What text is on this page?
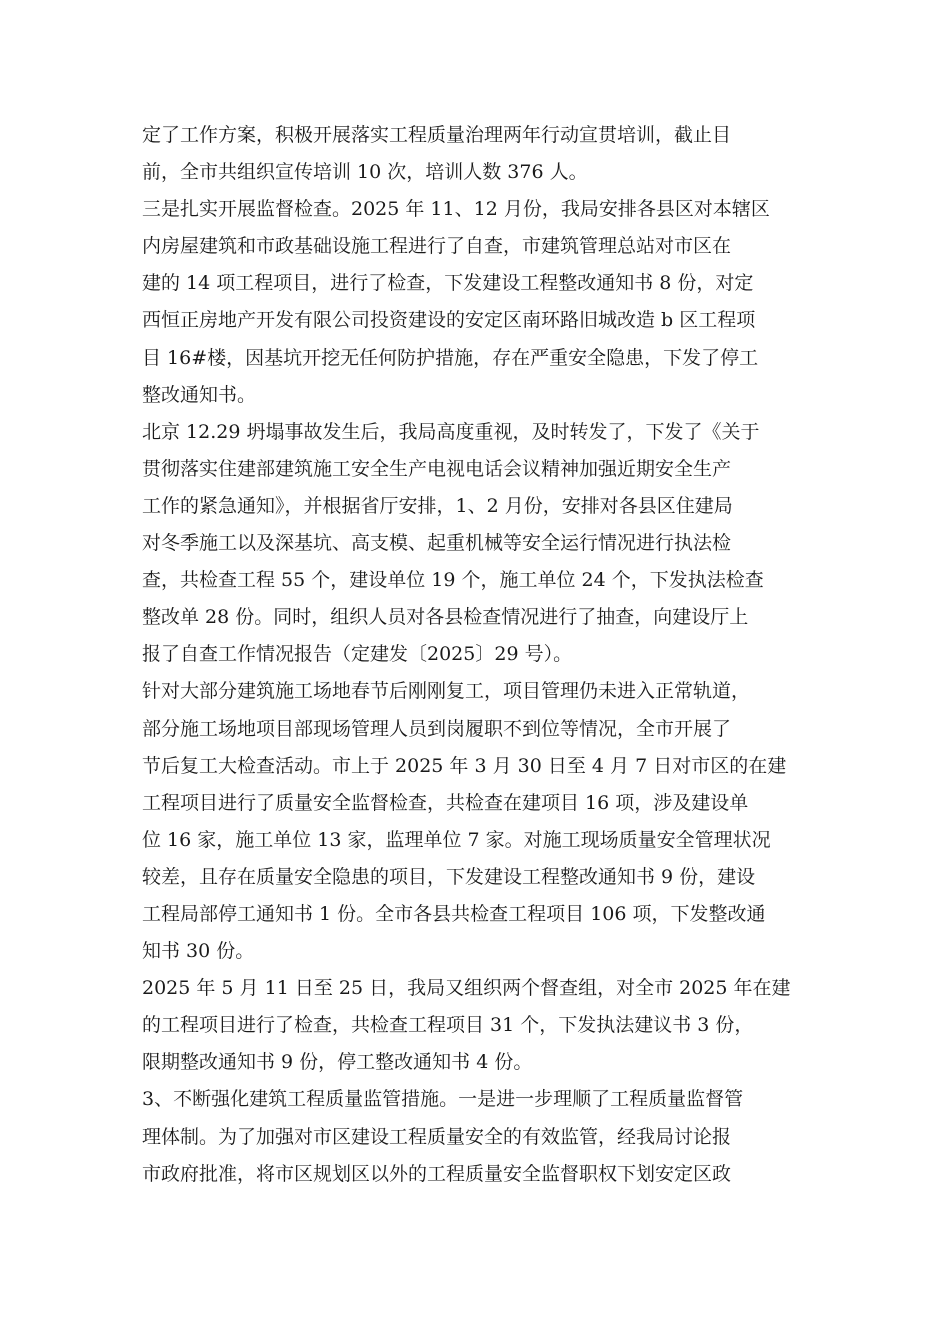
定了工作方案，积极开展落实工程质量治理两年行动宣贯培训，截止目
前，全市共组织宣传培训 10 次，培训人数 376 人。
三是扎实开展监督检查。2025 年 11、12 月份，我局安排各县区对本辖区
内房屋建筑和市政基础设施工程进行了自查，市建筑管理总站对市区在
建的 14 项工程项目，进行了检查，下发建设工程整改通知书 8 份，对定
西恒正房地产开发有限公司投资建设的安定区南环路旧城改造 b 区工程项
目 16#楼，因基坑开挖无任何防护措施，存在严重安全隐患，下发了停工
整改通知书。
北京 12.29 坍塌事故发生后，我局高度重视，及时转发了，下发了《关于
贯彻落实住建部建筑施工安全生产电视电话会议精神加强近期安全生产
工作的紧急通知》，并根据省厅安排，1、2 月份，安排对各县区住建局
对冬季施工以及深基坑、高支模、起重机械等安全运行情况进行执法检
查，共检查工程 55 个，建设单位 19 个，施工单位 24 个，下发执法检查
整改单 28 份。同时，组织人员对各县检查情况进行了抽查，向建设厅上
报了自查工作情况报告（定建发〔2025〕29 号）。
针对大部分建筑施工场地春节后刚刚复工，项目管理仍未进入正常轨道，
部分施工场地项目部现场管理人员到岗履职不到位等情况，全市开展了
节后复工大检查活动。市上于 2025 年 3 月 30 日至 4 月 7 日对市区的在建
工程项目进行了质量安全监督检查，共检查在建项目 16 项，涉及建设单
位 16 家，施工单位 13 家，监理单位 7 家。对施工现场质量安全管理状况
较差，且存在质量安全隐患的项目，下发建设工程整改通知书 9 份，建设
工程局部停工通知书 1 份。全市各县共检查工程项目 106 项，下发整改通
知书 30 份。
2025 年 5 月 11 日至 25 日，我局又组织两个督查组，对全市 2025 年在建
的工程项目进行了检查，共检查工程项目 31 个，下发执法建议书 3 份，
限期整改通知书 9 份，停工整改通知书 4 份。
3、不断强化建筑工程质量监管措施。一是进一步理顺了工程质量监督管
理体制。为了加强对市区建设工程质量安全的有效监管，经我局讨论报
市政府批准，将市区规划区以外的工程质量安全监督职权下划安定区政
